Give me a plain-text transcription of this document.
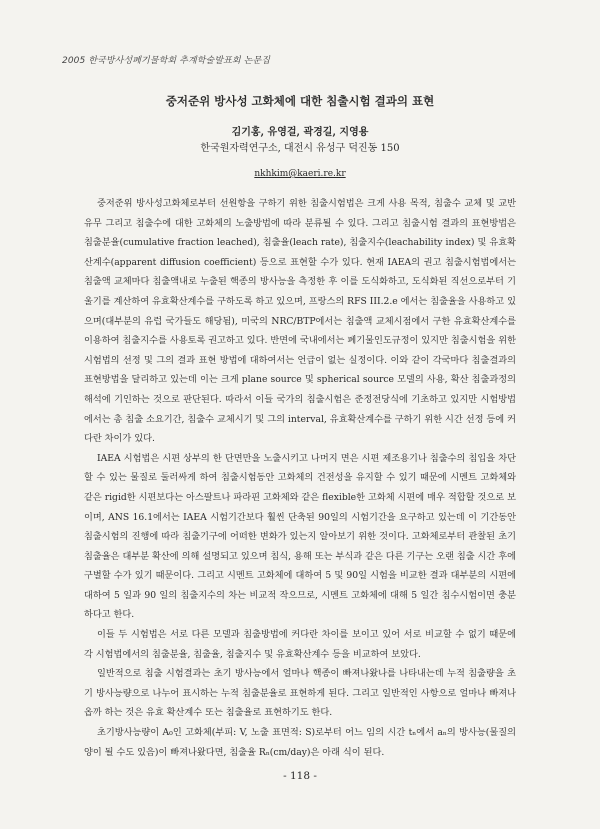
2005 한국방사성폐기물학회 추계학술발표회 논문집
중저준위 방사성 고화체에 대한 침출시험 결과의 표현
김기홍, 유영걸, 곽경길, 지영용
한국원자력연구소, 대전시 유성구 덕진동 150
nkhkim@kaeri.re.kr

중저준위 방사성고화체로부터 선원항을 구하기 위한 침출시험법은 크게 사용 목적, 침출수 교체 및 교반 유무 그리고 침출수에 대한 고화체의 노출방법에 따라 분류될 수 있다. 그리고 침출시험 결과의 표현방법은 침출분율(cumulative fraction leached), 침출율(leach rate), 침출지수(leachability index) 및 유효확산계수(apparent diffusion coefficient) 등으로 표현할 수가 있다. 현재 IAEA의 권고 침출시험법에서는 침출액 교체마다 침출액내로 누출된 핵종의 방사능을 측정한 후 이를 도식화하고, 도식화된 직선으로부터 기울기를 계산하여 유효확산계수를 구하도록 하고 있으며, 프랑스의 RFS III.2.e 에서는 침출율을 사용하고 있으며(대부분의 유럽 국가들도 해당됨), 미국의 NRC/BTP에서는 침출액 교체시점에서 구한 유효확산계수를 이용하여 침출지수를 사용토록 권고하고 있다. 반면에 국내에서는 폐기물인도규정이 있지만 침출시험을 위한 시험법의 선정 및 그의 결과 표현 방법에 대하여서는 언급이 없는 실정이다. 이와 같이 각국마다 침출결과의 표현방법을 달리하고 있는데 이는 크게 plane source 및 spherical source 모델의 사용, 확산 침출과정의 해석에 기인하는 것으로 판단된다. 따라서 이들 국가의 침출시험은 준정전당식에 기초하고 있지만 시험방법에서는 총 침출 소요기간, 침출수 교체시기 및 그의 interval, 유효확산계수를 구하기 위한 시간 선정 등에 커다란 차이가 있다.

IAEA 시험법은 시편 상부의 한 단면만을 노출시키고 나머지 면은 시편 제조용기나 침출수의 침입을 차단할 수 있는 물질로 둘러싸게 하여 침출시험동안 고화체의 건전성을 유지할 수 있기 때문에 시멘트 고화체와 같은 rigid한 시편보다는 아스팔트나 파라핀 고화체와 같은 flexible한 고화체 시편에 매우 적합할 것으로 보이며, ANS 16.1에서는 IAEA 시험기간보다 훨씬 단축된 90일의 시험기간을 요구하고 있는데 이 기간동안 침출시험의 진행에 따라 침출기구에 어떠한 변화가 있는지 알아보기 위한 것이다. 고화체로부터 관찰된 초기 침출율은 대부분 확산에 의해 설명되고 있으며 침식, 용해 또는 부식과 같은 다른 기구는 오랜 침출 시간 후에 구별할 수가 있기 때문이다. 그리고 시멘트 고화체에 대하여 5 및 90일 시험을 비교한 결과 대부분의 시편에 대하여 5 일과 90 일의 침출지수의 차는 비교적 작으므로, 시멘트 고화체에 대해 5 일간 침수시험이면 충분하다고 한다.

이들 두 시험법은 서로 다른 모델과 침출방법에 커다란 차이를 보이고 있어 서로 비교할 수 없기 때문에 각 시험법에서의 침출분율, 침출율, 침출지수 및 유효확산계수 등을 비교하여 보았다.

일반적으로 침출 시험결과는 초기 방사능에서 얼마나 핵종이 빠져나왔나를 나타내는데 누적 침출량을 초기 방사능량으로 나누어 표시하는 누적 침출분율로 표현하게 된다. 그리고 일반적인 사항으로 얼마나 빠져나옵까 하는 것은 유효 확산계수 또는 침출율로 표현하기도 한다.

초기방사능량이 A₀인 고화체(부피: V, 노출 표면적: S)로부터 어느 임의 시간 tₙ에서 aₙ의 방사능(물질의 양이 될 수도 있음)이 빠져나왔다면, 침출율 Rₙ(cm/day)은 아래 식이 된다.

- 118 -
